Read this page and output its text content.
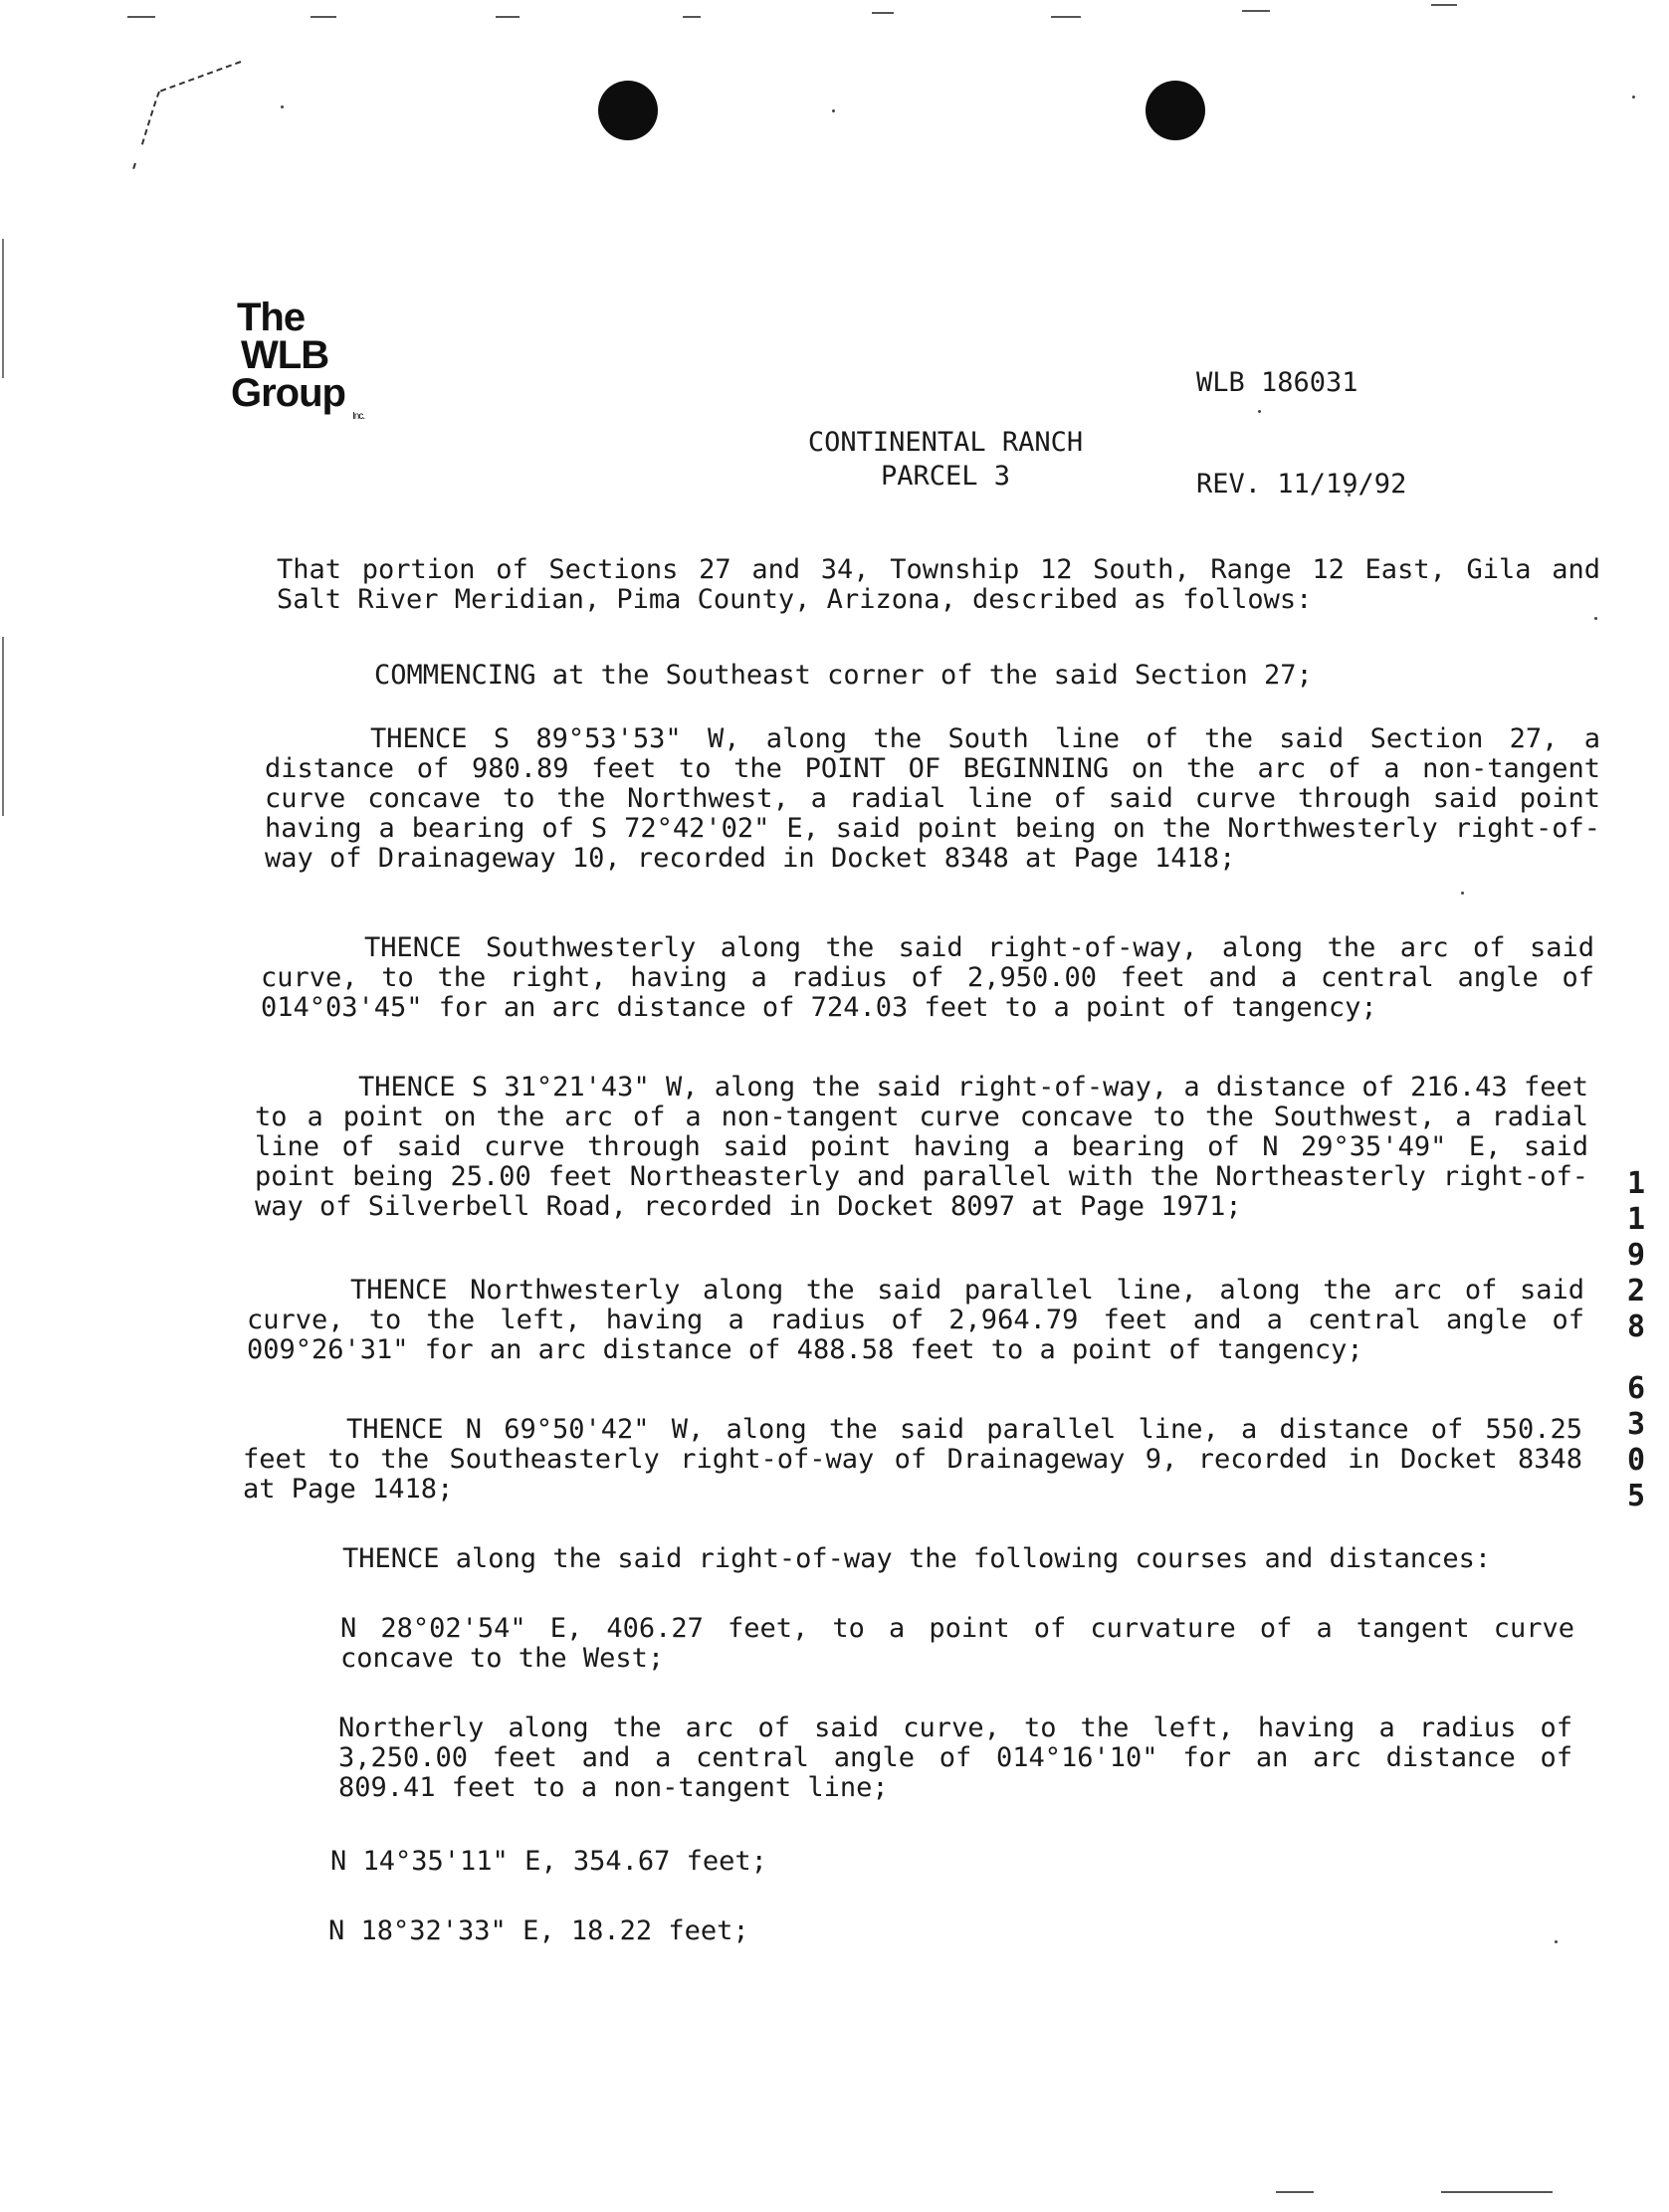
The
WLB
Group
Inc.

WLB 186031

REV. 11/19/92

CONTINENTAL RANCH
PARCEL 3
That portion of Sections 27 and 34, Township 12 South, Range 12 East, Gila and Salt River Meridian, Pima County, Arizona, described as follows:
COMMENCING at the Southeast corner of the said Section 27;
THENCE S 89°53'53" W, along the South line of the said Section 27, a distance of 980.89 feet to the POINT OF BEGINNING on the arc of a non-tangent curve concave to the Northwest, a radial line of said curve through said point having a bearing of S 72°42'02" E, said point being on the Northwesterly right-of-way of Drainageway 10, recorded in Docket 8348 at Page 1418;
THENCE Southwesterly along the said right-of-way, along the arc of said curve, to the right, having a radius of 2,950.00 feet and a central angle of 014°03'45" for an arc distance of 724.03 feet to a point of tangency;
THENCE S 31°21'43" W, along the said right-of-way, a distance of 216.43 feet to a point on the arc of a non-tangent curve concave to the Southwest, a radial line of said curve through said point having a bearing of N 29°35'49" E, said point being 25.00 feet Northeasterly and parallel with the Northeasterly right-of-way of Silverbell Road, recorded in Docket 8097 at Page 1971;
THENCE Northwesterly along the said parallel line, along the arc of said curve, to the left, having a radius of 2,964.79 feet and a central angle of 009°26'31" for an arc distance of 488.58 feet to a point of tangency;
THENCE N 69°50'42" W, along the said parallel line, a distance of 550.25 feet to the Southeasterly right-of-way of Drainageway 9, recorded in Docket 8348 at Page 1418;
THENCE along the said right-of-way the following courses and distances:
N 28°02'54" E, 406.27 feet, to a point of curvature of a tangent curve concave to the West;
Northerly along the arc of said curve, to the left, having a radius of 3,250.00 feet and a central angle of 014°16'10" for an arc distance of 809.41 feet to a non-tangent line;
N 14°35'11" E, 354.67 feet;
N 18°32'33" E, 18.22 feet;
1
1
9
2
8
6
3
0
5
